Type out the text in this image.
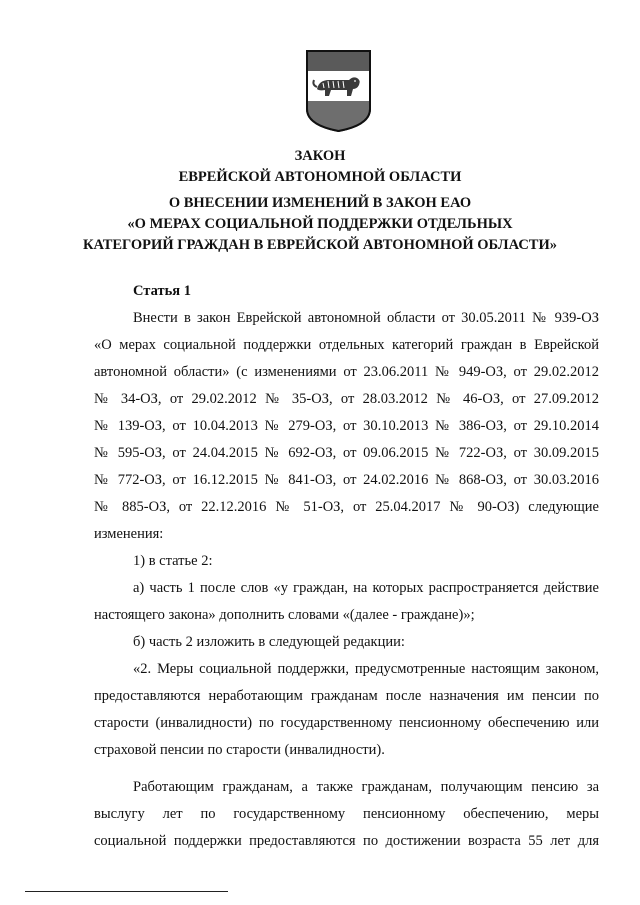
ЗАКОН
ЕВРЕЙСКОЙ АВТОНОМНОЙ ОБЛАСТИ
О ВНЕСЕНИИ ИЗМЕНЕНИЙ В ЗАКОН ЕАО
«О МЕРАХ СОЦИАЛЬНОЙ ПОДДЕРЖКИ ОТДЕЛЬНЫХ
КАТЕГОРИЙ ГРАЖДАН В ЕВРЕЙСКОЙ АВТОНОМНОЙ ОБЛАСТИ»
Статья 1
Внести в закон Еврейской автономной области от 30.05.2011 № 939-ОЗ
«О мерах социальной поддержки отдельных категорий граждан в Еврейской
автономной области» (с изменениями от 23.06.2011 № 949-ОЗ, от 29.02.2012
№ 34-ОЗ, от 29.02.2012 № 35-ОЗ, от 28.03.2012 № 46-ОЗ, от 27.09.2012
№ 139-ОЗ, от 10.04.2013 № 279-ОЗ, от 30.10.2013 № 386-ОЗ, от 29.10.2014
№ 595-ОЗ, от 24.04.2015 № 692-ОЗ, от 09.06.2015 № 722-ОЗ, от 30.09.2015
№ 772-ОЗ, от 16.12.2015 № 841-ОЗ, от 24.02.2016 № 868-ОЗ, от 30.03.2016
№ 885-ОЗ, от 22.12.2016 № 51-ОЗ, от 25.04.2017 № 90-ОЗ) следующие
изменения:
1) в статье 2:
а) часть 1 после слов «у граждан, на которых распространяется действие
настоящего закона» дополнить словами «(далее - граждане)»;
б) часть 2 изложить в следующей редакции:
«2. Меры социальной поддержки, предусмотренные настоящим законом,
предоставляются неработающим гражданам после назначения им пенсии по
старости (инвалидности) по государственному пенсионному обеспечению или
страховой пенсии по старости (инвалидности).
Работающим гражданам, а также гражданам, получающим пенсию за
выслугу лет по государственному пенсионному обеспечению, меры
социальной поддержки предоставляются по достижении возраста 55 лет для
